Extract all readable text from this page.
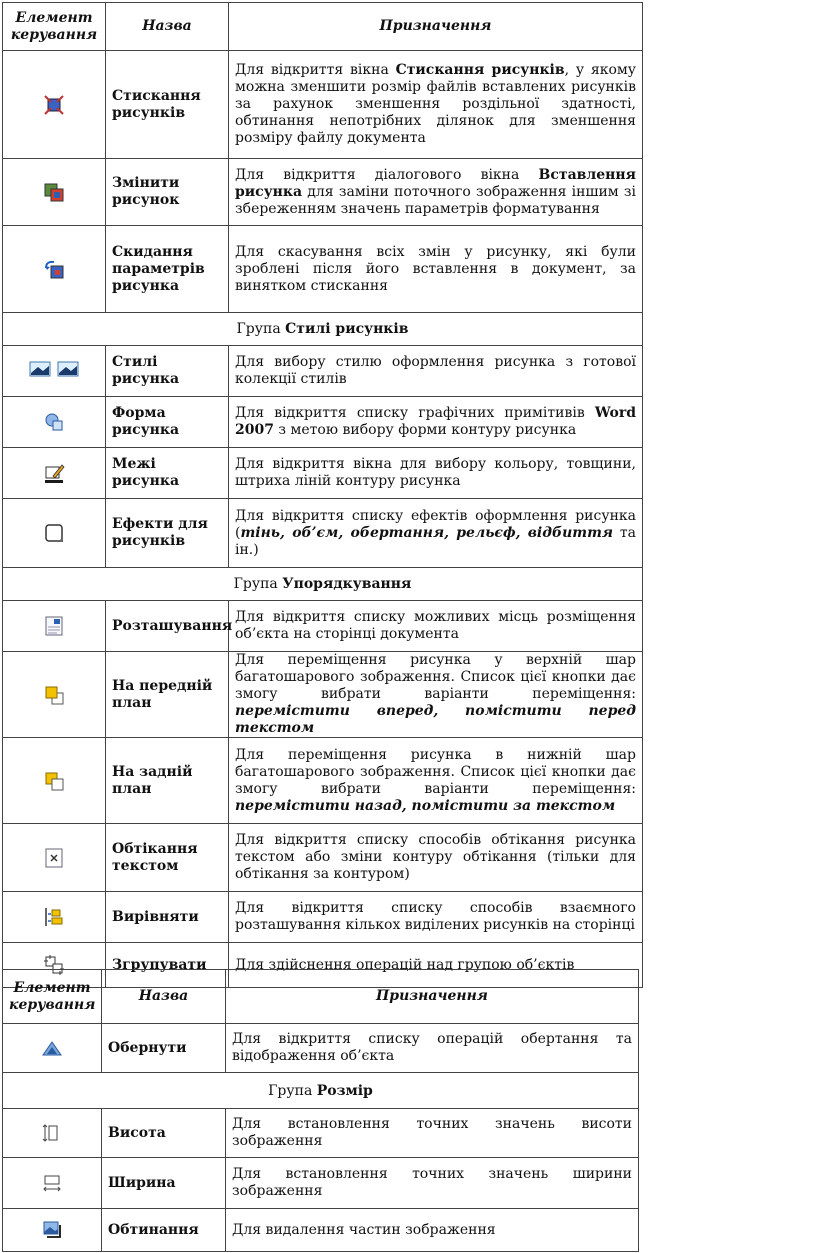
Елемент керування	Назва	Призначення

	Стискання рисунків	Для відкриття вікна Стискання рисунків, у якому можна зменшити розмір файлів вставлених рисунків за рахунок зменшення роздільної здатності, обтинання непотрібних ділянок для зменшення розміру файлу документа

	Змінити рисунок	Для відкриття діалогового вікна Вставлення рисунка для заміни поточного зображення іншим зі збереженням значень параметрів форматування

	Скидання параметрів рисунка	Для скасування всіх змін у рисунку, які були зроблені після його вставлення в документ, за винятком стискання
Група Стилі рисунків		

	Стилі рисунка	Для вибору стилю оформлення рисунка з готової колекції стилів

	Форма рисунка	Для відкриття списку графічних примітивів Word 2007 з метою вибору форми контуру рисунка

	Межі рисунка	Для відкриття вікна для вибору кольору, товщини, штриха ліній контуру рисунка

	Ефекти для рисунків	Для відкриття списку ефектів оформлення рисунка (тінь, об’єм, обертання, рельєф, відбиття та ін.)
Група Упорядкування		

	Розташування	Для відкриття списку можливих місць розміщення об’єкта на сторінці документа

	На передній план	Для переміщення рисунка у верхній шар багатошарового зображення. Список цієї кнопки дає змогу вибрати варіанти переміщення: перемістити вперед, помістити перед текстом

	На задній план	Для переміщення рисунка в нижній шар багатошарового зображення. Список цієї кнопки дає змогу вибрати варіанти переміщення: перемістити назад, помістити за текстом

	Обтікання текстом	Для відкриття списку способів обтікання рисунка текстом або зміни контуру обтікання (тільки для обтікання за контуром)

	Вирівняти	Для відкриття списку способів взаємного розташування кількох виділених рисунків на сторінці

	Згрупувати	Для здійснення операцій над групою об’єктів
Елемент керування	Назва	Призначення

	Обернути	Для відкриття списку операцій обертання та відображення об’єкта
Група Розмір		

	Висота	Для встановлення точних значень висоти зображення

	Ширина	Для встановлення точних значень ширини зображення

	Обтинання	Для видалення частин зображення
